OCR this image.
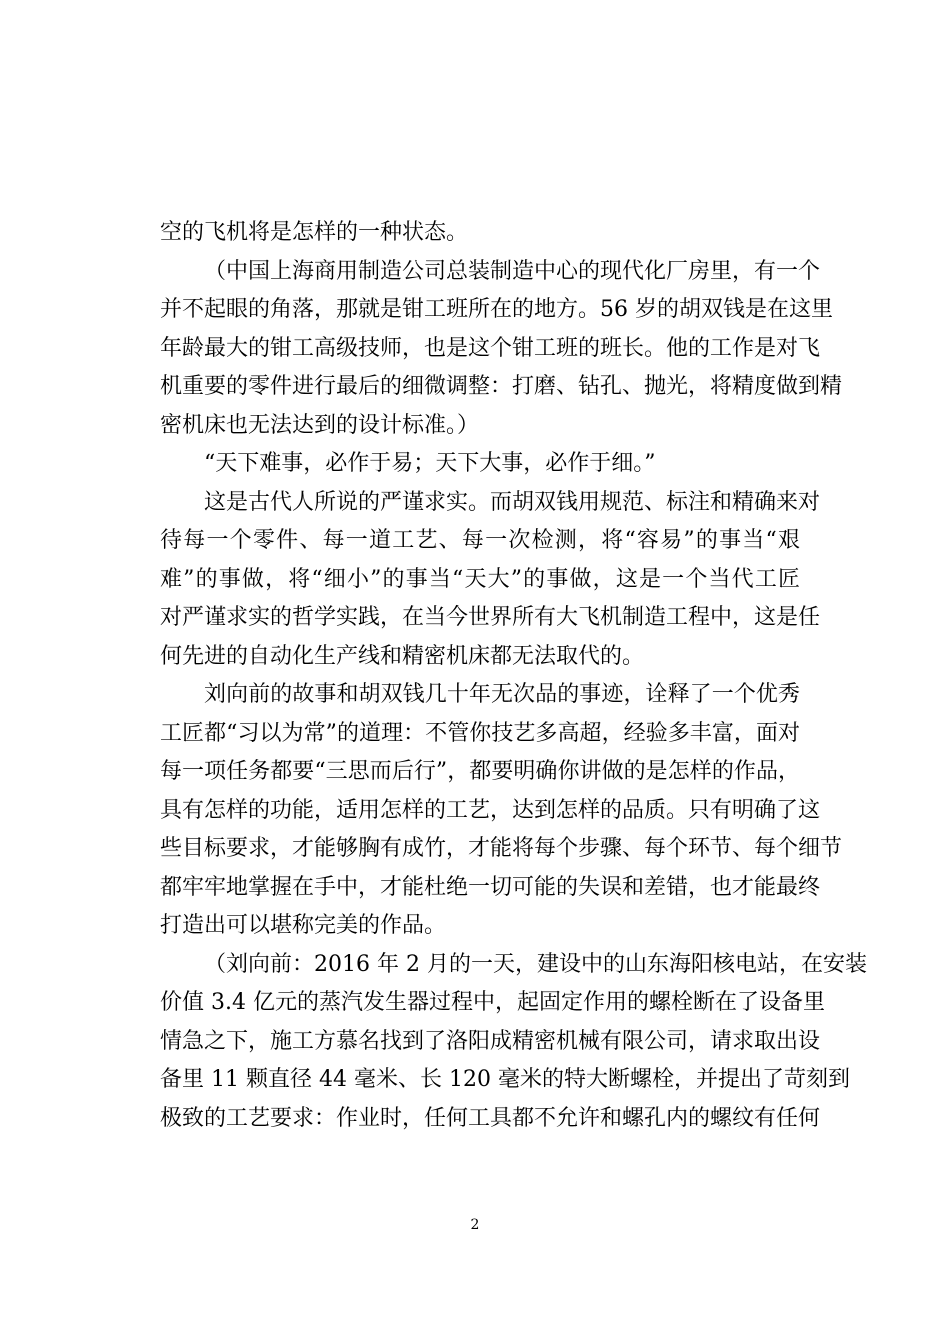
空的飞机将是怎样的一种状态。
（中国上海商用制造公司总装制造中心的现代化厂房里，有一个
并不起眼的角落，那就是钳工班所在的地方。56 岁的胡双钱是在这里
年龄最大的钳工高级技师，也是这个钳工班的班长。他的工作是对飞
机重要的零件进行最后的细微调整：打磨、钻孔、抛光，将精度做到精
密机床也无法达到的设计标准。）
“天下难事，必作于易；天下大事，必作于细。”
这是古代人所说的严谨求实。而胡双钱用规范、标注和精确来对
待每一个零件、每一道工艺、每一次检测，将“容易”的事当“艰
难”的事做，将“细小”的事当“天大”的事做，这是一个当代工匠
对严谨求实的哲学实践，在当今世界所有大飞机制造工程中，这是任
何先进的自动化生产线和精密机床都无法取代的。
刘向前的故事和胡双钱几十年无次品的事迹，诠释了一个优秀
工匠都“习以为常”的道理：不管你技艺多高超，经验多丰富，面对
每一项任务都要“三思而后行”，都要明确你讲做的是怎样的作品，
具有怎样的功能，适用怎样的工艺，达到怎样的品质。只有明确了这
些目标要求，才能够胸有成竹，才能将每个步骤、每个环节、每个细节
都牢牢地掌握在手中，才能杜绝一切可能的失误和差错，也才能最终
打造出可以堪称完美的作品。
（刘向前：2016 年 2 月的一天，建设中的山东海阳核电站，在安装
价值 3.4 亿元的蒸汽发生器过程中，起固定作用的螺栓断在了设备里
情急之下，施工方慕名找到了洛阳成精密机械有限公司，请求取出设
备里 11 颗直径 44 毫米、长 120 毫米的特大断螺栓，并提出了苛刻到
极致的工艺要求：作业时，任何工具都不允许和螺孔内的螺纹有任何
2
